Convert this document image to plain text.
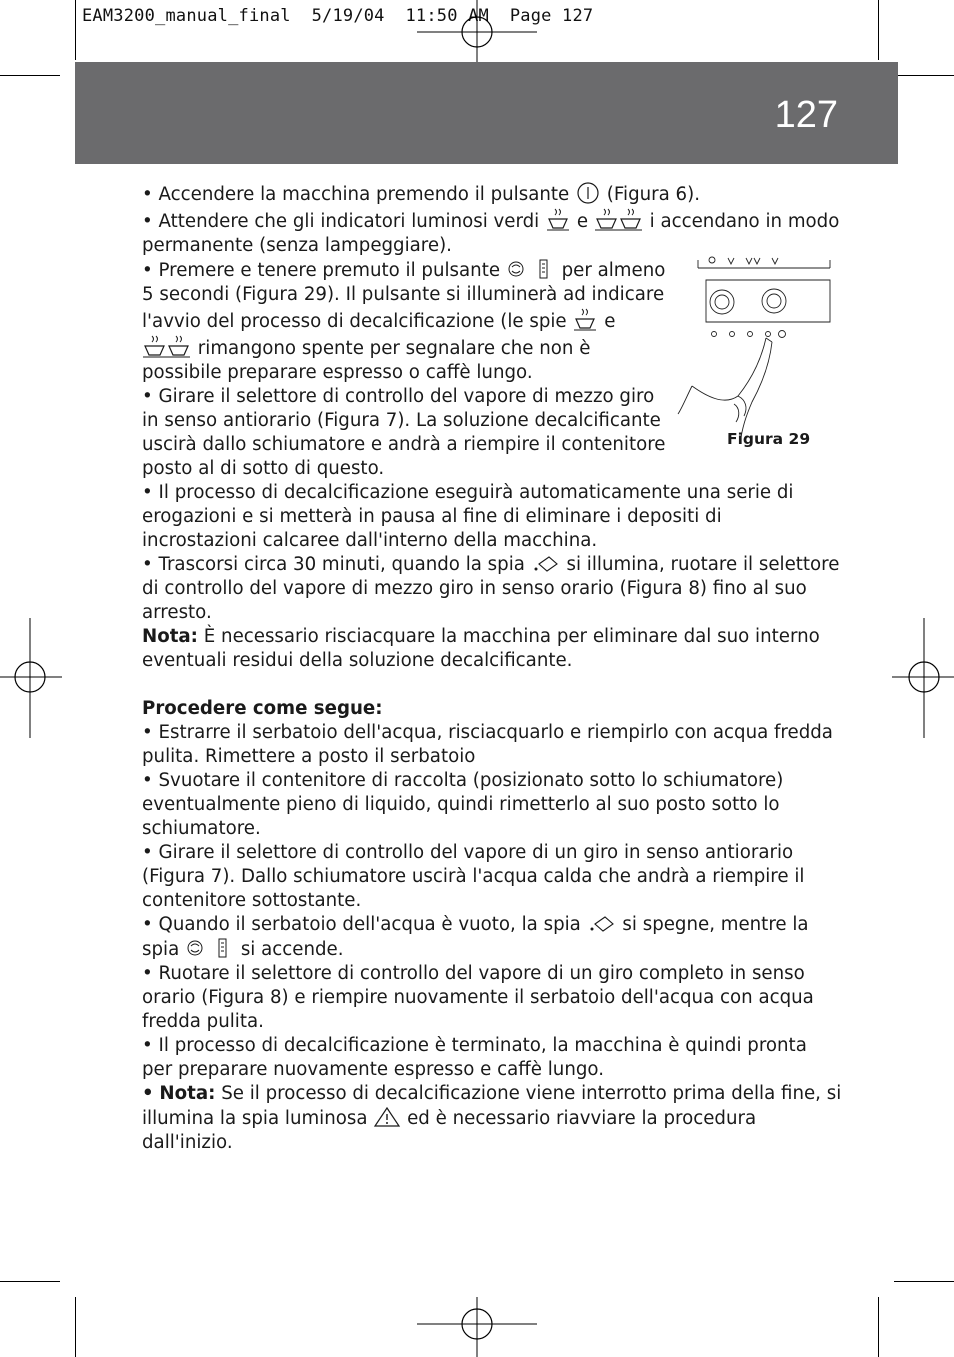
EAM3200_manual_final 5/19/04 11:50 AM Page 127
127
Figura 29

• Accendere la macchina premendo il pulsante (Figura 6).

• Attendere che gli indicatori luminosi verdi e	i accendano in modo permanente (senza lampeggiare).

• Premere e tenere premuto il pulsante	per almeno 5 secondi (Figura 29). Il pulsante si illuminerà ad indicare l'avvio del processo di decalcificazione (le spie e  rimangono spente per segnalare che non è possibile preparare espresso o caffè lungo.

• Girare il selettore di controllo del vapore di mezzo giro in senso antiorario (Figura 7). La soluzione decalcificante uscirà dallo schiumatore e andrà a riempire il contenitore posto al di sotto di questo.

• Il processo di decalcificazione eseguirà automaticamente una serie di erogazioni e si metterà in pausa al fine di eliminare i depositi di incrostazioni calcaree dall'interno della macchina.

• Trascorsi circa 30 minuti, quando la spia si illumina, ruotare il selettore di controllo del vapore di mezzo giro in senso orario (Figura 8) fino al suo arresto.

Nota: È necessario risciacquare la macchina per eliminare dal suo interno eventuali residui della soluzione decalcificante.

Procedere come segue:

• Estrarre il serbatoio dell'acqua, risciacquarlo e riempirlo con acqua fredda pulita. Rimettere a posto il serbatoio

• Svuotare il contenitore di raccolta (posizionato sotto lo schiumatore) eventualmente pieno di liquido, quindi rimetterlo al suo posto sotto lo schiumatore.

• Girare il selettore di controllo del vapore di un giro in senso antiorario (Figura 7). Dallo schiumatore uscirà l'acqua calda che andrà a riempire il contenitore sottostante.

• Quando il serbatoio dell'acqua è vuoto, la spia si spegne, mentre la spia	si accende.

• Ruotare il selettore di controllo del vapore di un giro completo in senso orario (Figura 8) e riempire nuovamente il serbatoio dell'acqua con acqua fredda pulita.

• Il processo di decalcificazione è terminato, la macchina è quindi pronta per preparare nuovamente espresso e caffè lungo.

• Nota: Se il processo di decalcificazione viene interrotto prima della fine, si illumina la spia luminosa ed è necessario riavviare la procedura dall'inizio.
